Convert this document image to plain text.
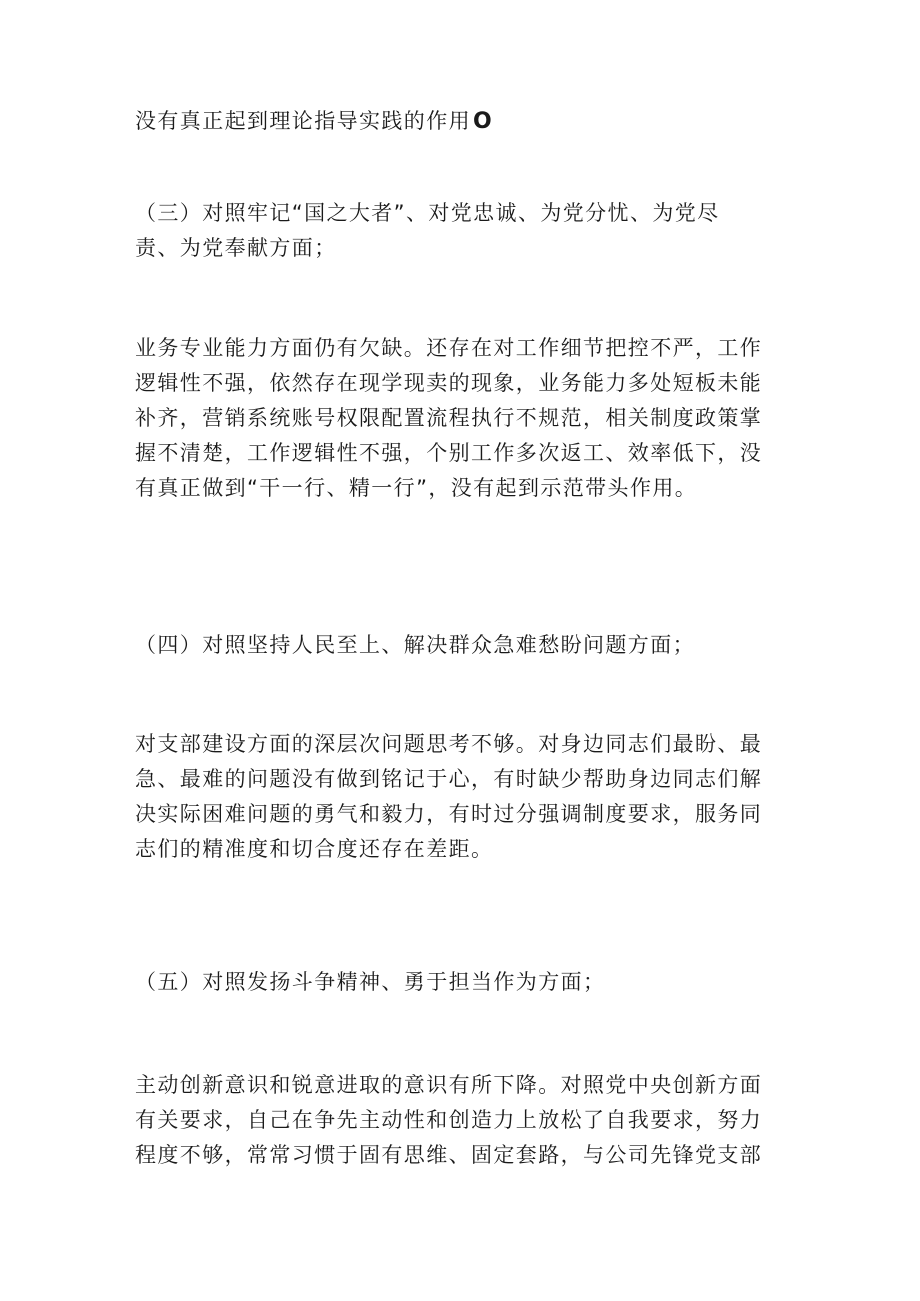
没有真正起到理论指导实践的作用O
（三）对照牢记“国之大者”、对党忠诚、为党分忧、为党尽
责、为党奉献方面；
业务专业能力方面仍有欠缺。还存在对工作细节把控不严，工作
逻辑性不强，依然存在现学现卖的现象，业务能力多处短板未能
补齐，营销系统账号权限配置流程执行不规范，相关制度政策掌
握不清楚，工作逻辑性不强，个别工作多次返工、效率低下，没
有真正做到“干一行、精一行”，没有起到示范带头作用。
（四）对照坚持人民至上、解决群众急难愁盼问题方面；
对支部建设方面的深层次问题思考不够。对身边同志们最盼、最
急、最难的问题没有做到铭记于心，有时缺少帮助身边同志们解
决实际困难问题的勇气和毅力，有时过分强调制度要求，服务同
志们的精准度和切合度还存在差距。
（五）对照发扬斗争精神、勇于担当作为方面；
主动创新意识和锐意进取的意识有所下降。对照党中央创新方面
有关要求，自己在争先主动性和创造力上放松了自我要求，努力
程度不够，常常习惯于固有思维、固定套路，与公司先锋党支部
